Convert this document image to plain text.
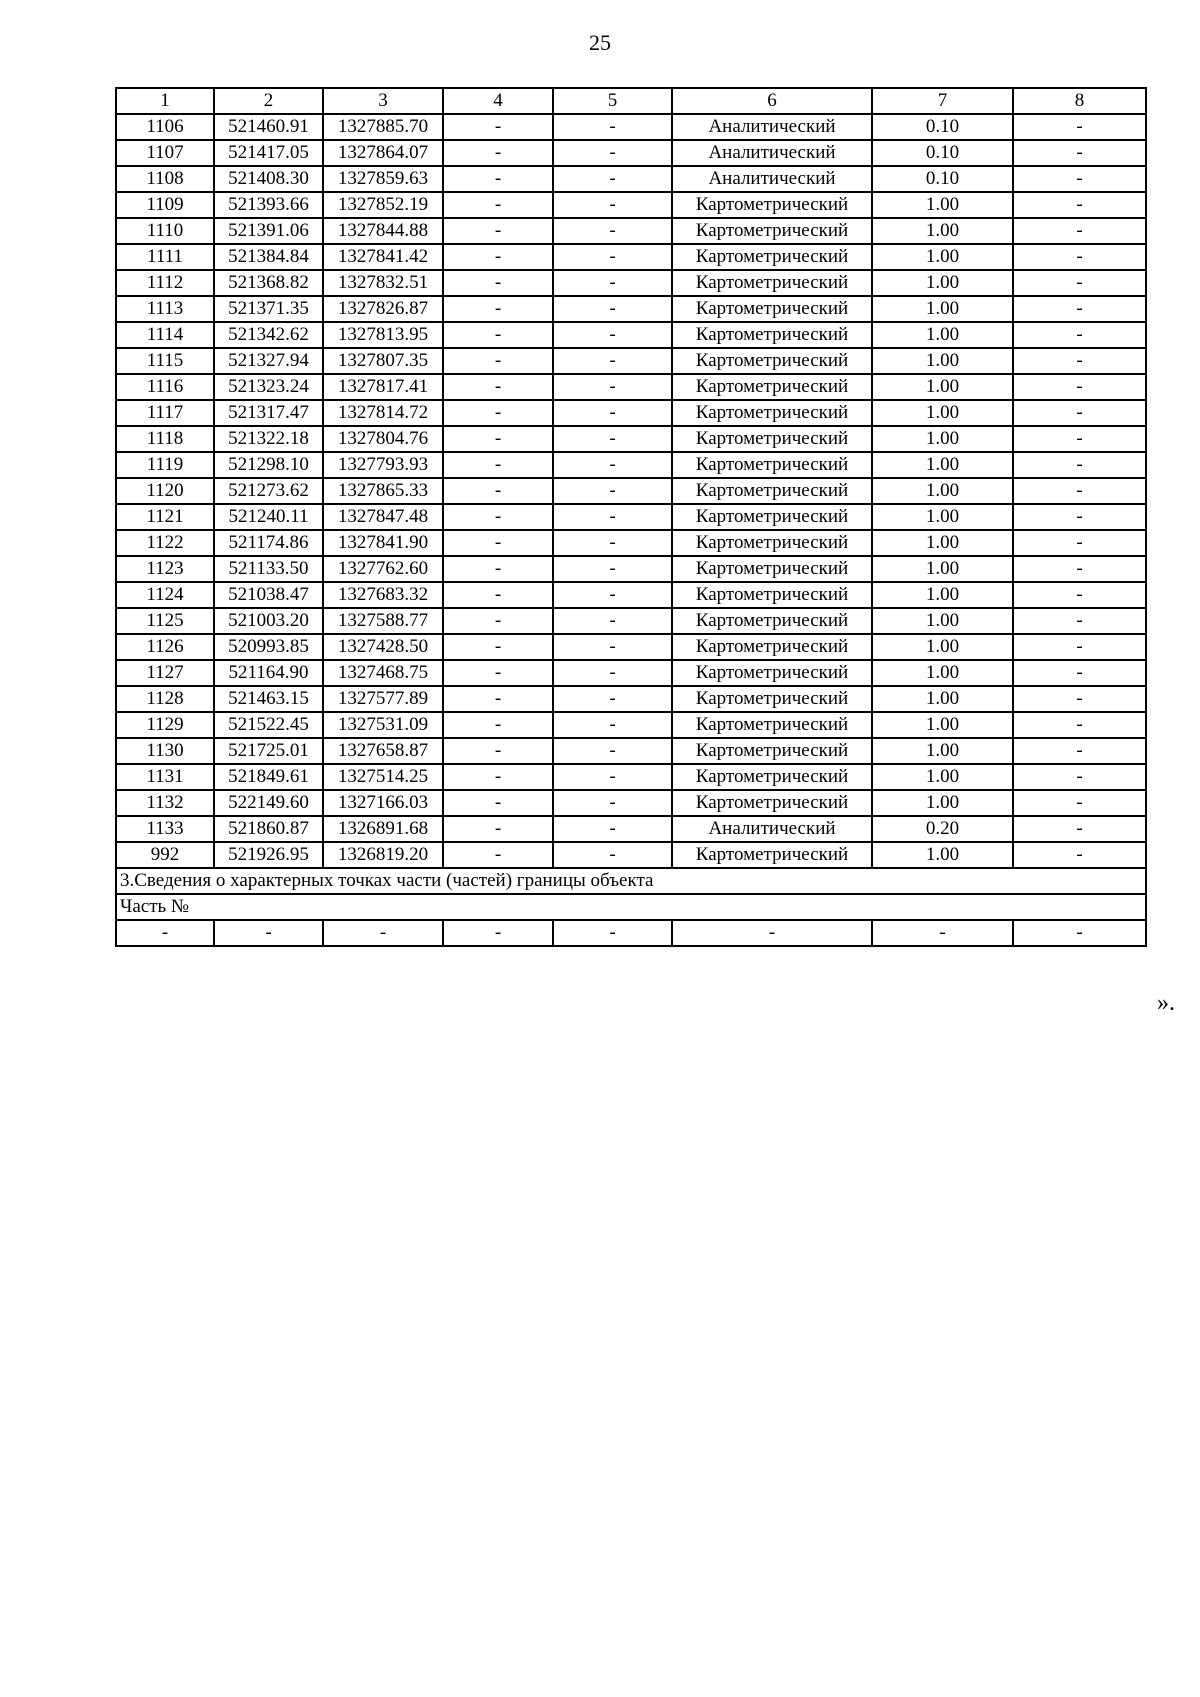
25
1	2	3	4	5	6	7	8
1106	521460.91	1327885.70	-	-	Аналитический	0.10	-
1107	521417.05	1327864.07	-	-	Аналитический	0.10	-
1108	521408.30	1327859.63	-	-	Аналитический	0.10	-
1109	521393.66	1327852.19	-	-	Картометрический	1.00	-
1110	521391.06	1327844.88	-	-	Картометрический	1.00	-
1111	521384.84	1327841.42	-	-	Картометрический	1.00	-
1112	521368.82	1327832.51	-	-	Картометрический	1.00	-
1113	521371.35	1327826.87	-	-	Картометрический	1.00	-
1114	521342.62	1327813.95	-	-	Картометрический	1.00	-
1115	521327.94	1327807.35	-	-	Картометрический	1.00	-
1116	521323.24	1327817.41	-	-	Картометрический	1.00	-
1117	521317.47	1327814.72	-	-	Картометрический	1.00	-
1118	521322.18	1327804.76	-	-	Картометрический	1.00	-
1119	521298.10	1327793.93	-	-	Картометрический	1.00	-
1120	521273.62	1327865.33	-	-	Картометрический	1.00	-
1121	521240.11	1327847.48	-	-	Картометрический	1.00	-
1122	521174.86	1327841.90	-	-	Картометрический	1.00	-
1123	521133.50	1327762.60	-	-	Картометрический	1.00	-
1124	521038.47	1327683.32	-	-	Картометрический	1.00	-
1125	521003.20	1327588.77	-	-	Картометрический	1.00	-
1126	520993.85	1327428.50	-	-	Картометрический	1.00	-
1127	521164.90	1327468.75	-	-	Картометрический	1.00	-
1128	521463.15	1327577.89	-	-	Картометрический	1.00	-
1129	521522.45	1327531.09	-	-	Картометрический	1.00	-
1130	521725.01	1327658.87	-	-	Картометрический	1.00	-
1131	521849.61	1327514.25	-	-	Картометрический	1.00	-
1132	522149.60	1327166.03	-	-	Картометрический	1.00	-
1133	521860.87	1326891.68	-	-	Аналитический	0.20	-
992	521926.95	1326819.20	-	-	Картометрический	1.00	-
3.Сведения о характерных точках части (частей) границы объекта							
Часть №							
-	-	-	-	-	-	-	-
».
